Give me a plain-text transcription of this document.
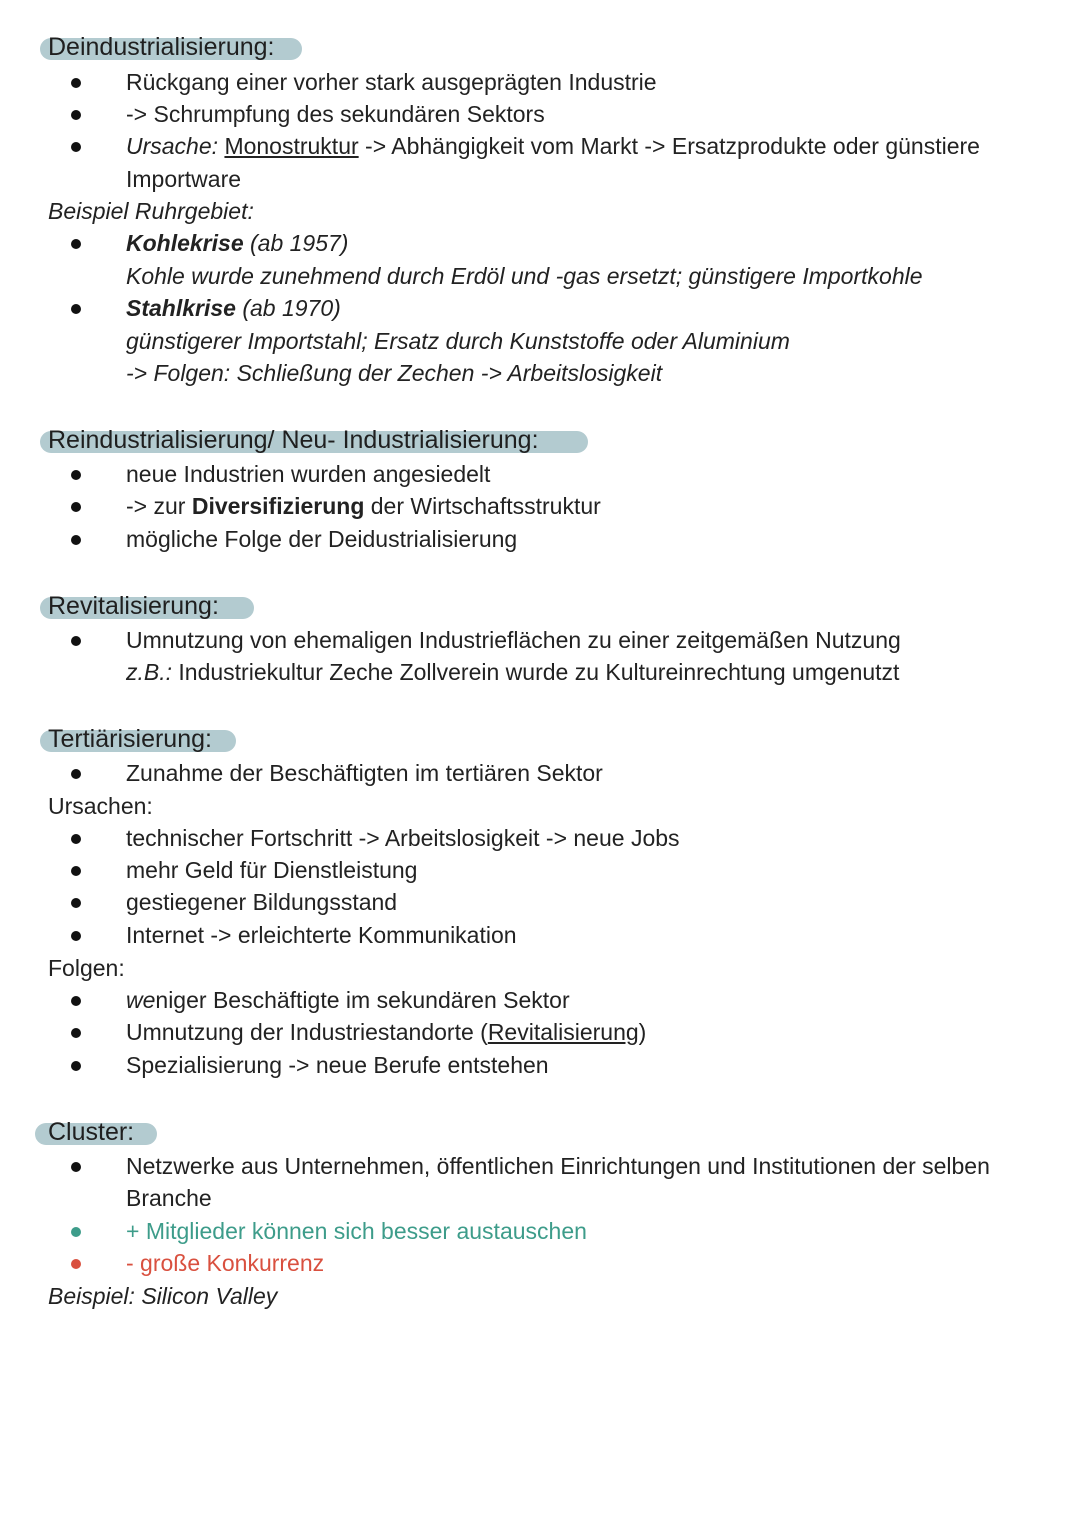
Deindustrialisierung:
Rückgang einer vorher stark ausgeprägten Industrie
-> Schrumpfung des sekundären Sektors
Ursache: Monostruktur -> Abhängigkeit vom Markt -> Ersatzprodukte oder günstiere
Importware
Beispiel Ruhrgebiet:
Kohlekrise (ab 1957)
Kohle wurde zunehmend durch Erdöl und -gas ersetzt; günstigere Importkohle
Stahlkrise (ab 1970)
günstigerer Importstahl; Ersatz durch Kunststoffe oder Aluminium
-> Folgen: Schließung der Zechen -> Arbeitslosigkeit
Reindustrialisierung/ Neu- Industrialisierung:
neue Industrien wurden angesiedelt
-> zur Diversifizierung der Wirtschaftsstruktur
mögliche Folge der Deidustrialisierung
Revitalisierung:
Umnutzung von ehemaligen Industrieflächen zu einer zeitgemäßen Nutzung
z.B.: Industriekultur Zeche Zollverein wurde zu Kultureinrechtung umgenutzt
Tertiärisierung:
Zunahme der Beschäftigten im tertiären Sektor
Ursachen:
technischer Fortschritt -> Arbeitslosigkeit -> neue Jobs
mehr Geld für Dienstleistung
gestiegener Bildungsstand
Internet -> erleichterte Kommunikation
Folgen:
weniger Beschäftigte im sekundären Sektor
Umnutzung der Industriestandorte (Revitalisierung)
Spezialisierung -> neue Berufe entstehen
Cluster:
Netzwerke aus Unternehmen, öffentlichen Einrichtungen und Institutionen der selben
Branche
+ Mitglieder können sich besser austauschen
- große Konkurrenz
Beispiel: Silicon Valley
